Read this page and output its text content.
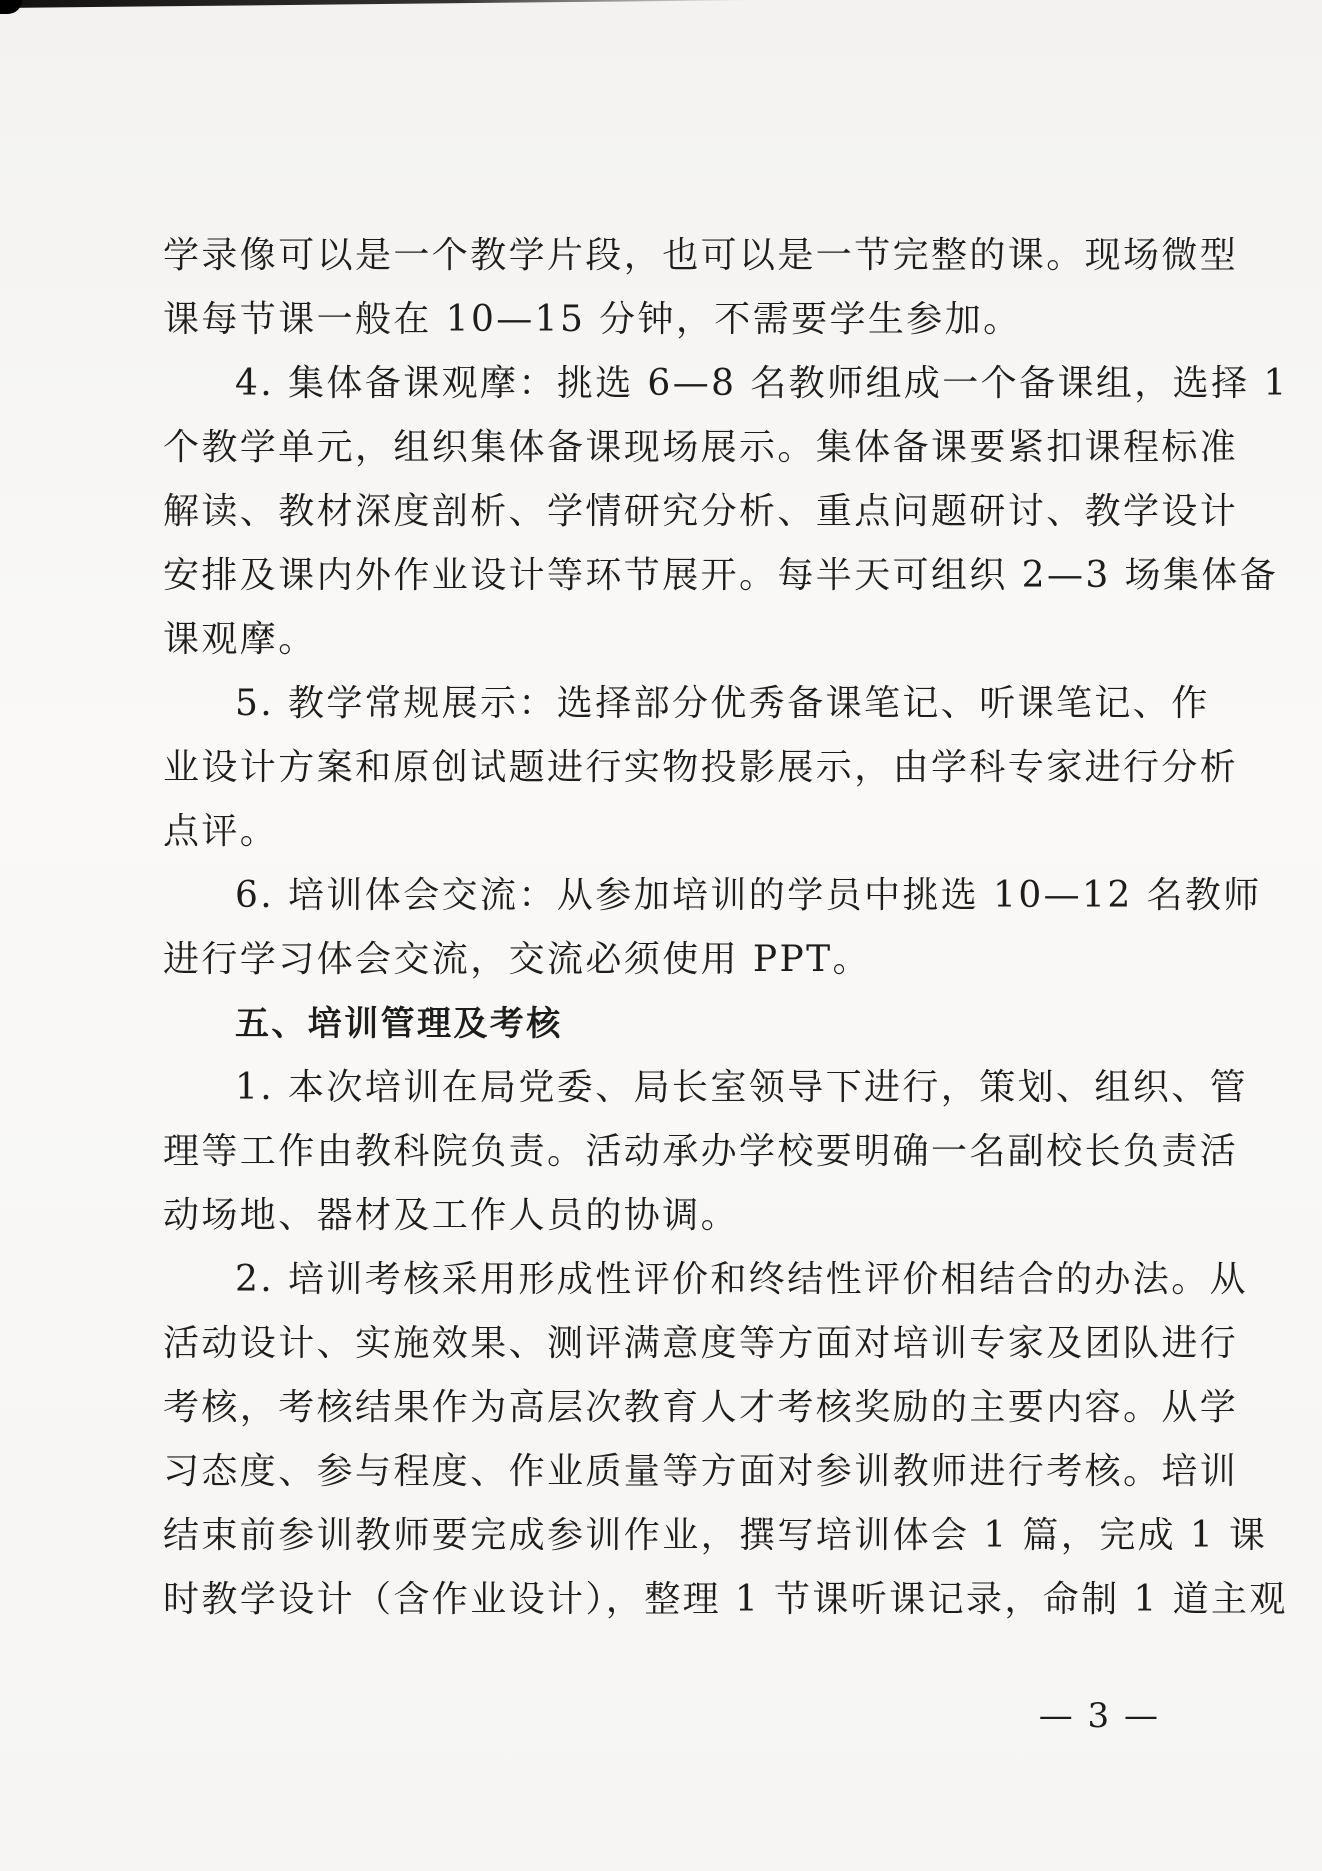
学录像可以是一个教学片段，也可以是一节完整的课。现场微型
课每节课一般在 10—15 分钟，不需要学生参加。
4. 集体备课观摩：挑选 6—8 名教师组成一个备课组，选择 1
个教学单元，组织集体备课现场展示。集体备课要紧扣课程标准
解读、教材深度剖析、学情研究分析、重点问题研讨、教学设计
安排及课内外作业设计等环节展开。每半天可组织 2—3 场集体备
课观摩。
5. 教学常规展示：选择部分优秀备课笔记、听课笔记、作
业设计方案和原创试题进行实物投影展示，由学科专家进行分析
点评。
6. 培训体会交流：从参加培训的学员中挑选 10—12 名教师
进行学习体会交流，交流必须使用 PPT。
五、培训管理及考核
1. 本次培训在局党委、局长室领导下进行，策划、组织、管
理等工作由教科院负责。活动承办学校要明确一名副校长负责活
动场地、器材及工作人员的协调。
2. 培训考核采用形成性评价和终结性评价相结合的办法。从
活动设计、实施效果、测评满意度等方面对培训专家及团队进行
考核，考核结果作为高层次教育人才考核奖励的主要内容。从学
习态度、参与程度、作业质量等方面对参训教师进行考核。培训
结束前参训教师要完成参训作业，撰写培训体会 1 篇，完成 1 课
时教学设计（含作业设计），整理 1 节课听课记录，命制 1 道主观
— 3 —
